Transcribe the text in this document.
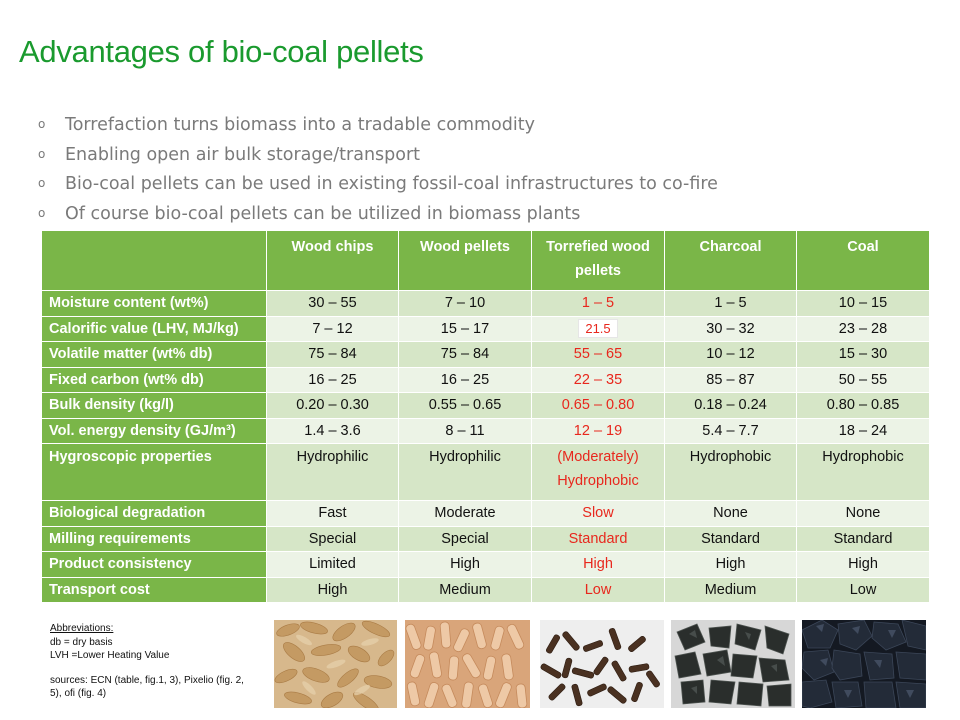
Advantages of bio-coal pellets
o Torrefaction turns biomass into a tradable commodity
o Enabling open air bulk storage/transport
o Bio-coal pellets can be used in existing fossil-coal infrastructures to co-fire
o Of course bio-coal pellets can be utilized in biomass plants
	Wood chips	Wood pellets	Torrefied wood pellets	Charcoal	Coal
Moisture content (wt%)	30 – 55	7 – 10	1 – 5	1 – 5	10 – 15
Calorific value (LHV, MJ/kg)	7 – 12	15 – 17	21.5	30 – 32	23 – 28
Volatile matter (wt% db)	75 – 84	75 – 84	55 – 65	10 – 12	15 – 30
Fixed carbon (wt% db)	16 – 25	16 – 25	22 – 35	85 – 87	50 – 55
Bulk density (kg/l)	0.20 – 0.30	0.55 – 0.65	0.65 – 0.80	0.18 – 0.24	0.80 – 0.85
Vol. energy density (GJ/m³)	1.4 – 3.6	8 – 11	12 – 19	5.4 – 7.7	18 – 24
Hygroscopic properties	Hydrophilic	Hydrophilic	(Moderately) Hydrophobic	Hydrophobic	Hydrophobic
Biological degradation	Fast	Moderate	Slow	None	None
Milling requirements	Special	Special	Standard	Standard	Standard
Product consistency	Limited	High	High	High	High
Transport cost	High	Medium	Low	Medium	Low
Abbreviations:
db = dry basis
LVH =Lower Heating Value
sources: ECN (table, fig.1, 3), Pixelio (fig. 2, 5), ofi (fig. 4)
